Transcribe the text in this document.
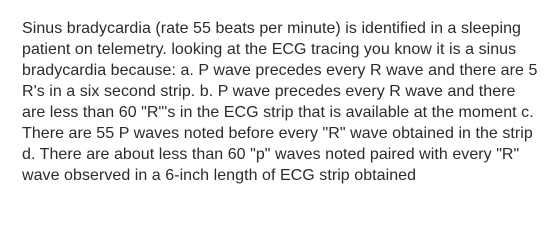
Sinus bradycardia (rate 55 beats per minute) is identified in a sleeping patient on telemetry. looking at the ECG tracing you know it is a sinus bradycardia because: a. P wave precedes every R wave and there are 5 R's in a six second strip. b. P wave precedes every R wave and there are less than 60 "R"'s in the ECG strip that is available at the moment c. There are 55 P waves noted before every "R" wave obtained in the strip d. There are about less than 60 "p" waves noted paired with every "R" wave observed in a 6-inch length of ECG strip obtained
